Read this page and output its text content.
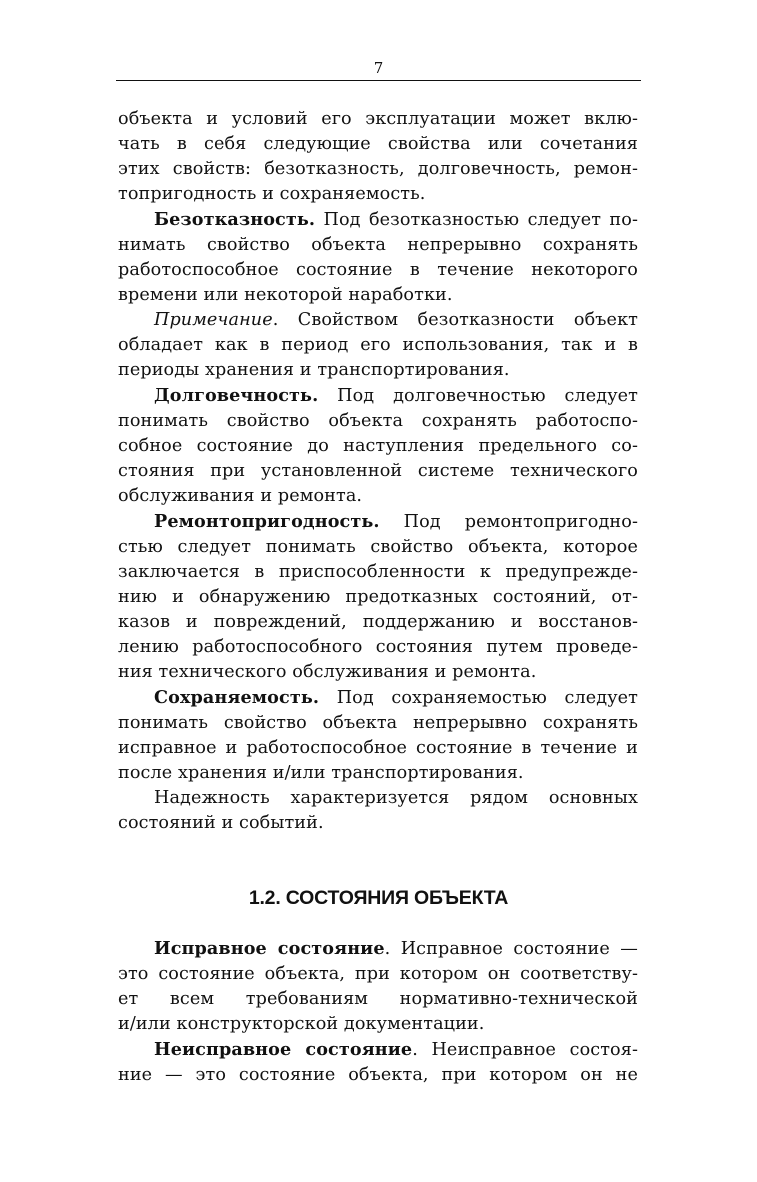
7

объекта и условий его эксплуатации может вклю-

чать в себя следующие свойства или сочетания

этих свойств: безотказность, долговечность, ремон-

топригодность и сохраняемость.

Безотказность. Под безотказностью следует по-

нимать свойство объекта непрерывно сохранять

работоспособное состояние в течение некоторого

времени или некоторой наработки.

Примечание. Свойством безотказности объект

обладает как в период его использования, так и в

периоды хранения и транспортирования.

Долговечность. Под долговечностью следует

понимать свойство объекта сохранять работоспо-

собное состояние до наступления предельного со-

стояния при установленной системе технического

обслуживания и ремонта.

Ремонтопригодность. Под ремонтопригодно-

стью следует понимать свойство объекта, которое

заключается в приспособленности к предупрежде-

нию и обнаружению предотказных состояний, от-

казов и повреждений, поддержанию и восстанов-

лению работоспособного состояния путем проведе-

ния технического обслуживания и ремонта.

Сохраняемость. Под сохраняемостью следует

понимать свойство объекта непрерывно сохранять

исправное и работоспособное состояние в течение и

после хранения и/или транспортирования.

Надежность характеризуется рядом основных

состояний и событий.

1.2. СОСТОЯНИЯ ОБЪЕКТА

Исправное состояние. Исправное состояние —

это состояние объекта, при котором он соответству-

ет всем требованиям нормативно-технической

и/или конструкторской документации.

Неисправное состояние. Неисправное состоя-

ние — это состояние объекта, при котором он не
